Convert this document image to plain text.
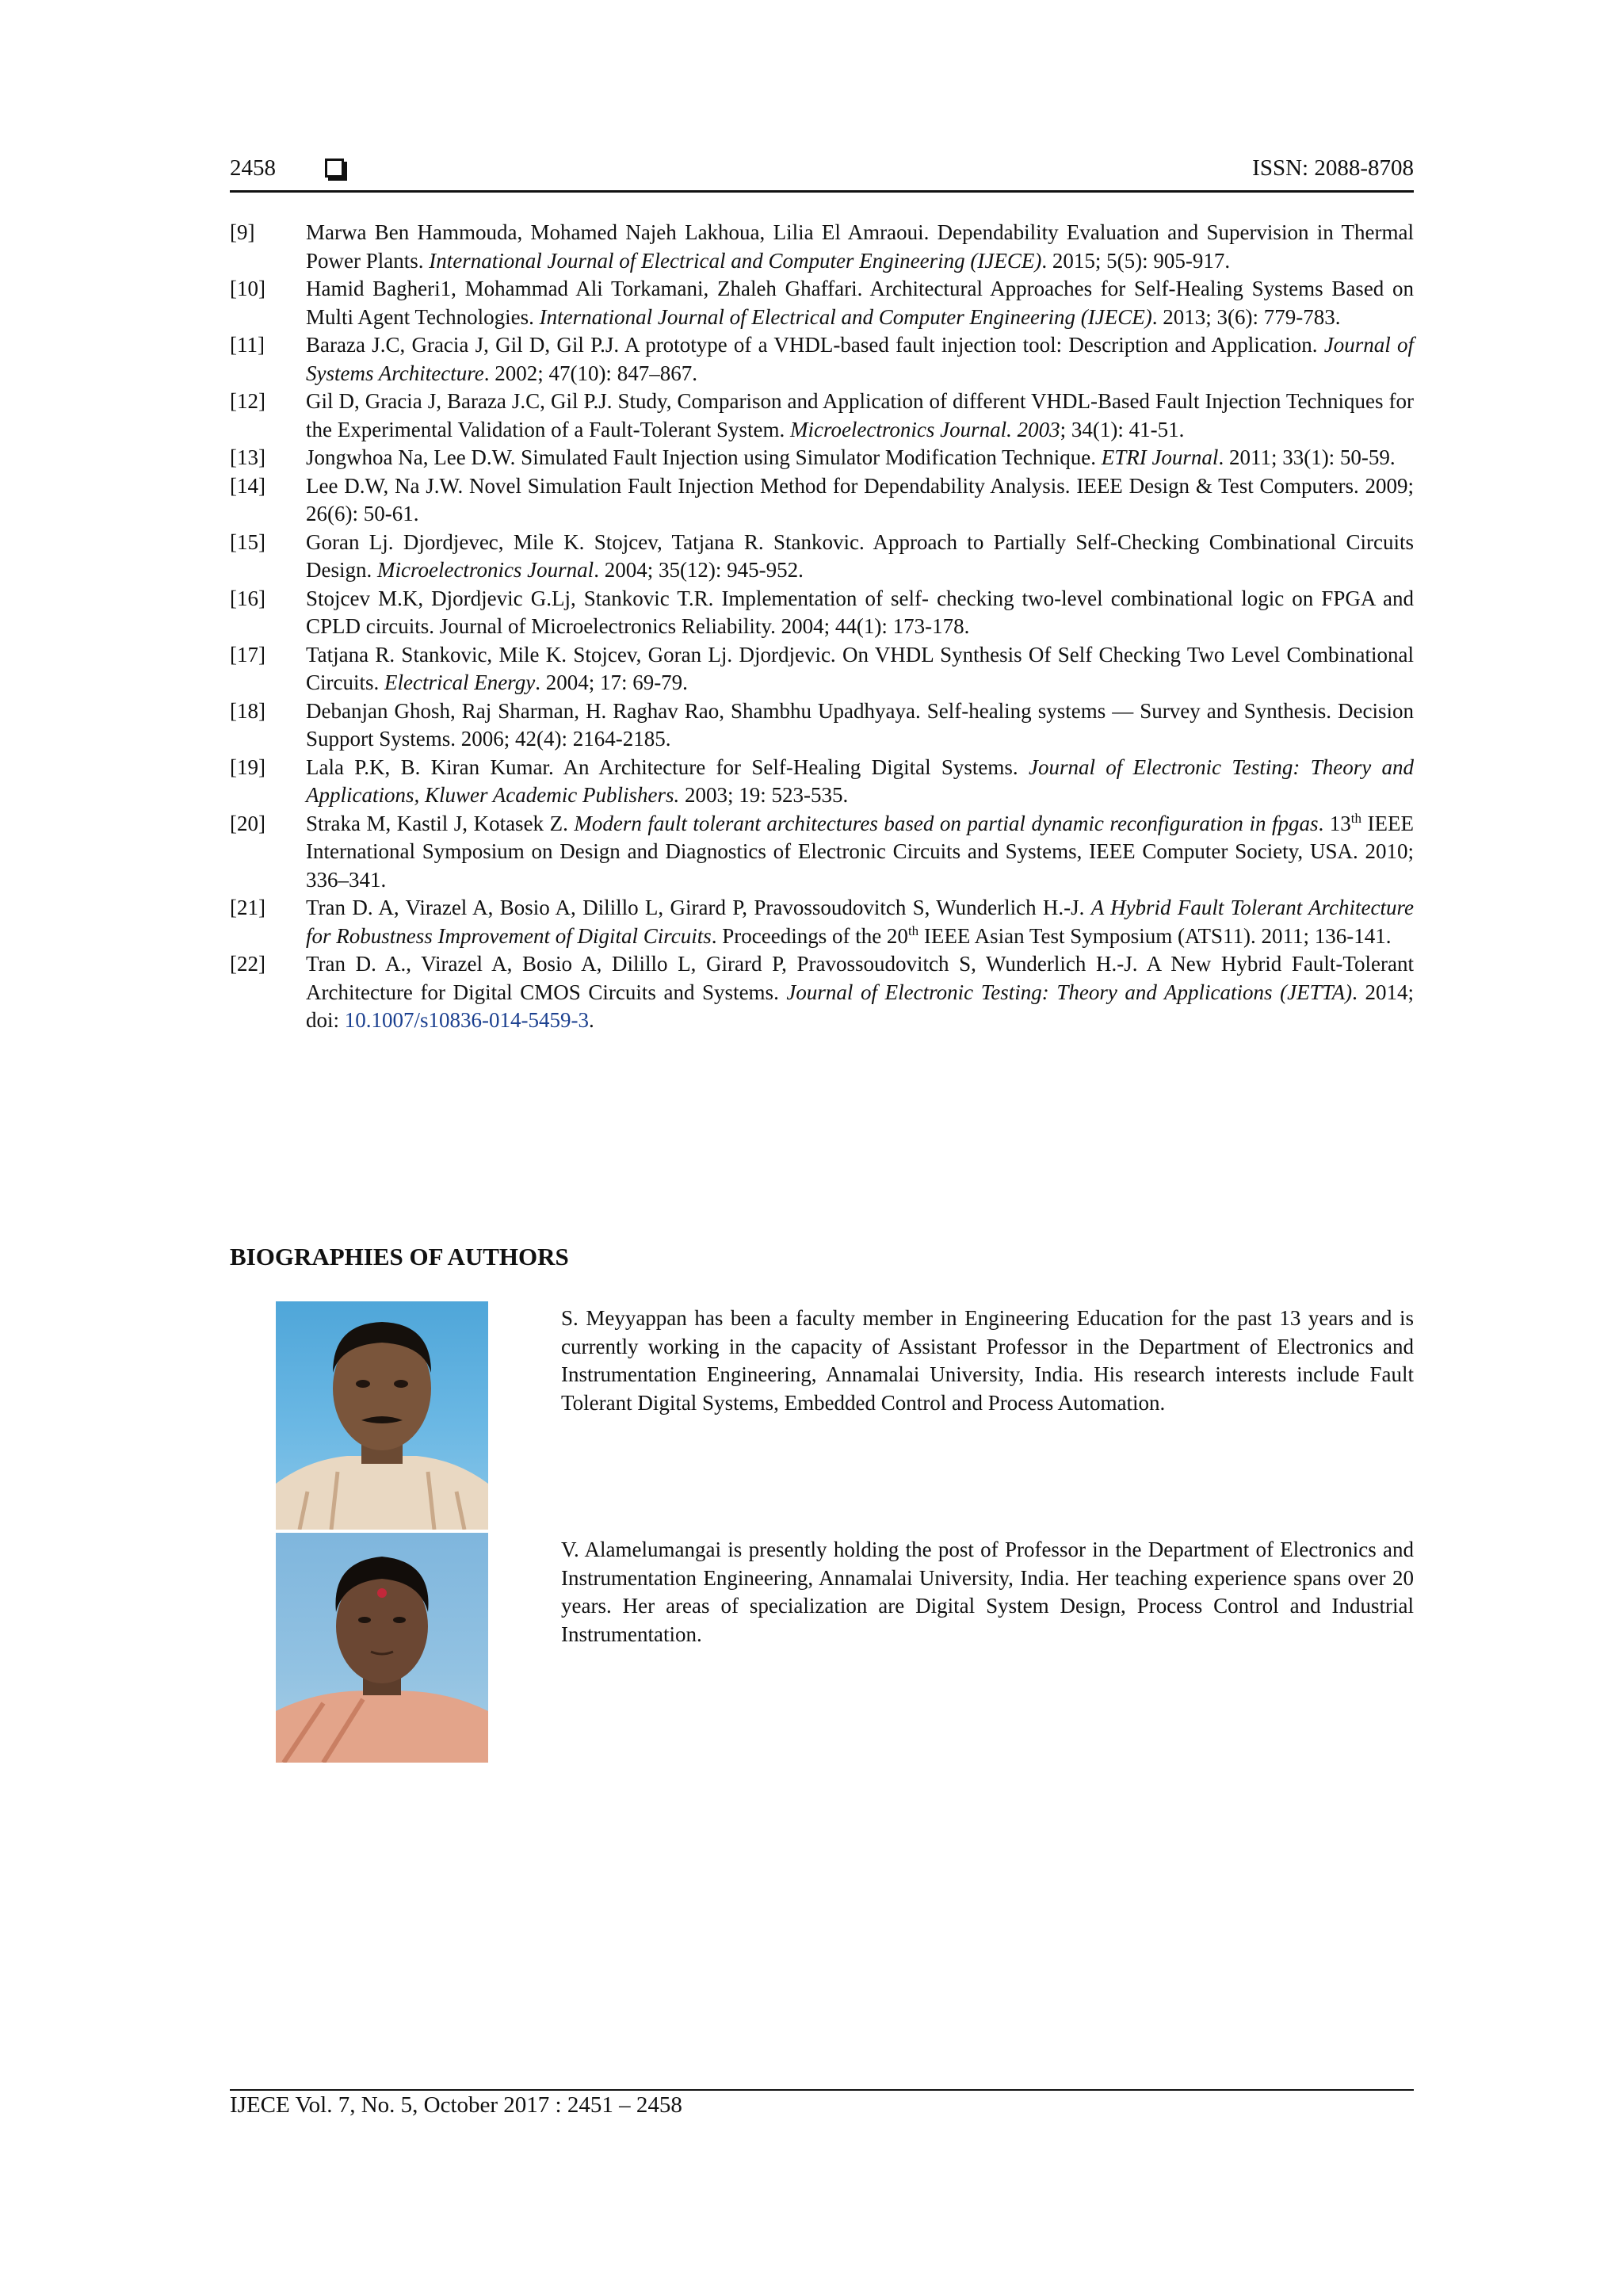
2458	ISSN: 2088-8708
[9] Marwa Ben Hammouda, Mohamed Najeh Lakhoua, Lilia El Amraoui. Dependability Evaluation and Supervision in Thermal Power Plants. International Journal of Electrical and Computer Engineering (IJECE). 2015; 5(5): 905-917.
[10] Hamid Bagheri1, Mohammad Ali Torkamani, Zhaleh Ghaffari. Architectural Approaches for Self-Healing Systems Based on Multi Agent Technologies. International Journal of Electrical and Computer Engineering (IJECE). 2013; 3(6): 779-783.
[11] Baraza J.C, Gracia J, Gil D, Gil P.J. A prototype of a VHDL-based fault injection tool: Description and Application. Journal of Systems Architecture. 2002; 47(10): 847–867.
[12] Gil D, Gracia J, Baraza J.C, Gil P.J. Study, Comparison and Application of different VHDL-Based Fault Injection Techniques for the Experimental Validation of a Fault-Tolerant System. Microelectronics Journal. 2003; 34(1): 41-51.
[13] Jongwhoa Na, Lee D.W. Simulated Fault Injection using Simulator Modification Technique. ETRI Journal. 2011; 33(1): 50-59.
[14] Lee D.W, Na J.W. Novel Simulation Fault Injection Method for Dependability Analysis. IEEE Design & Test Computers. 2009; 26(6): 50-61.
[15] Goran Lj. Djordjevec, Mile K. Stojcev, Tatjana R. Stankovic. Approach to Partially Self-Checking Combinational Circuits Design. Microelectronics Journal. 2004; 35(12): 945-952.
[16] Stojcev M.K, Djordjevic G.Lj, Stankovic T.R. Implementation of self- checking two-level combinational logic on FPGA and CPLD circuits. Journal of Microelectronics Reliability. 2004; 44(1): 173-178.
[17] Tatjana R. Stankovic, Mile K. Stojcev, Goran Lj. Djordjevic. On VHDL Synthesis Of Self Checking Two Level Combinational Circuits. Electrical Energy. 2004; 17: 69-79.
[18] Debanjan Ghosh, Raj Sharman, H. Raghav Rao, Shambhu Upadhyaya. Self-healing systems — Survey and Synthesis. Decision Support Systems. 2006; 42(4): 2164-2185.
[19] Lala P.K, B. Kiran Kumar. An Architecture for Self-Healing Digital Systems. Journal of Electronic Testing: Theory and Applications, Kluwer Academic Publishers. 2003; 19: 523-535.
[20] Straka M, Kastil J, Kotasek Z. Modern fault tolerant architectures based on partial dynamic reconfiguration in fpgas. 13th IEEE International Symposium on Design and Diagnostics of Electronic Circuits and Systems, IEEE Computer Society, USA. 2010; 336–341.
[21] Tran D. A, Virazel A, Bosio A, Dilillo L, Girard P, Pravossoudovitch S, Wunderlich H.-J. A Hybrid Fault Tolerant Architecture for Robustness Improvement of Digital Circuits. Proceedings of the 20th IEEE Asian Test Symposium (ATS11). 2011; 136-141.
[22] Tran D. A., Virazel A, Bosio A, Dilillo L, Girard P, Pravossoudovitch S, Wunderlich H.-J. A New Hybrid Fault-Tolerant Architecture for Digital CMOS Circuits and Systems. Journal of Electronic Testing: Theory and Applications (JETTA). 2014; doi: 10.1007/s10836-014-5459-3.
BIOGRAPHIES OF AUTHORS
S. Meyyappan has been a faculty member in Engineering Education for the past 13 years and is currently working in the capacity of Assistant Professor in the Department of Electronics and Instrumentation Engineering, Annamalai University, India. His research interests include Fault Tolerant Digital Systems, Embedded Control and Process Automation.
V. Alamelumangai is presently holding the post of Professor in the Department of Electronics and Instrumentation Engineering, Annamalai University, India. Her teaching experience spans over 20 years. Her areas of specialization are Digital System Design, Process Control and Industrial Instrumentation.
IJECE Vol. 7, No. 5, October 2017 : 2451 – 2458
